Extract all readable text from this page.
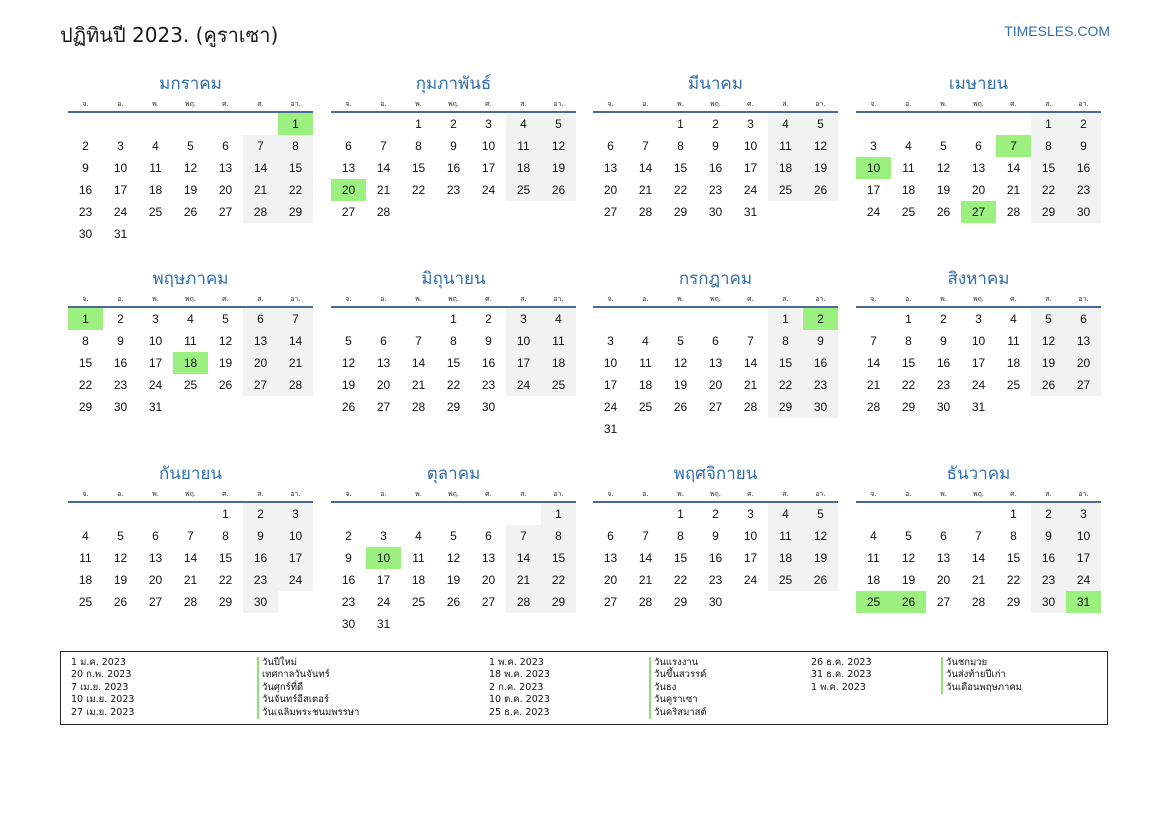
ปฏิทินปี 2023. (คูราเซา)	TIMESLES.COM
มกราคม
จ.	อ.	พ.	พฤ.	ศ.	ส.	อา.
						1
2	3	4	5	6	7	8
9	10	11	12	13	14	15
16	17	18	19	20	21	22
23	24	25	26	27	28	29
30	31					
กุมภาพันธ์
จ.	อ.	พ.	พฤ.	ศ.	ส.	อา.
		1	2	3	4	5
6	7	8	9	10	11	12
13	14	15	16	17	18	19
20	21	22	23	24	25	26
27	28					
มีนาคม
จ.	อ.	พ.	พฤ.	ศ.	ส.	อา.
		1	2	3	4	5
6	7	8	9	10	11	12
13	14	15	16	17	18	19
20	21	22	23	24	25	26
27	28	29	30	31		
เมษายน
จ.	อ.	พ.	พฤ.	ศ.	ส.	อา.
					1	2
3	4	5	6	7	8	9
10	11	12	13	14	15	16
17	18	19	20	21	22	23
24	25	26	27	28	29	30
พฤษภาคม
จ.	อ.	พ.	พฤ.	ศ.	ส.	อา.
1	2	3	4	5	6	7
8	9	10	11	12	13	14
15	16	17	18	19	20	21
22	23	24	25	26	27	28
29	30	31				
มิถุนายน
จ.	อ.	พ.	พฤ.	ศ.	ส.	อา.
			1	2	3	4
5	6	7	8	9	10	11
12	13	14	15	16	17	18
19	20	21	22	23	24	25
26	27	28	29	30		
กรกฎาคม
จ.	อ.	พ.	พฤ.	ศ.	ส.	อา.
					1	2
3	4	5	6	7	8	9
10	11	12	13	14	15	16
17	18	19	20	21	22	23
24	25	26	27	28	29	30
31						
สิงหาคม
จ.	อ.	พ.	พฤ.	ศ.	ส.	อา.
	1	2	3	4	5	6
7	8	9	10	11	12	13
14	15	16	17	18	19	20
21	22	23	24	25	26	27
28	29	30	31			
กันยายน
จ.	อ.	พ.	พฤ.	ศ.	ส.	อา.
				1	2	3
4	5	6	7	8	9	10
11	12	13	14	15	16	17
18	19	20	21	22	23	24
25	26	27	28	29	30	
ตุลาคม
จ.	อ.	พ.	พฤ.	ศ.	ส.	อา.
						1
2	3	4	5	6	7	8
9	10	11	12	13	14	15
16	17	18	19	20	21	22
23	24	25	26	27	28	29
30	31					
พฤศจิกายน
จ.	อ.	พ.	พฤ.	ศ.	ส.	อา.
		1	2	3	4	5
6	7	8	9	10	11	12
13	14	15	16	17	18	19
20	21	22	23	24	25	26
27	28	29	30			
ธันวาคม
จ.	อ.	พ.	พฤ.	ศ.	ส.	อา.
				1	2	3
4	5	6	7	8	9	10
11	12	13	14	15	16	17
18	19	20	21	22	23	24
25	26	27	28	29	30	31
1 ม.ค. 2023	วันปีใหม่
20 ก.พ. 2023	เทศกาลวันจันทร์
7 เม.ย. 2023	วันศุกร์ที่ดี
10 เม.ย. 2023	วันจันทร์อีสเตอร์
27 เม.ย. 2023	วันเฉลิมพระชนมพรรษา
1 พ.ค. 2023	วันแรงงาน
18 พ.ค. 2023	วันขึ้นสวรรค์
2 ก.ค. 2023	วันธง
10 ต.ค. 2023	วันคูราเซา
25 ธ.ค. 2023	วันคริสมาสต์
26 ธ.ค. 2023	วันชกมวย
31 ธ.ค. 2023	วันส่งท้ายปีเก่า
1 พ.ค. 2023	วันเดือนพฤษภาคม
